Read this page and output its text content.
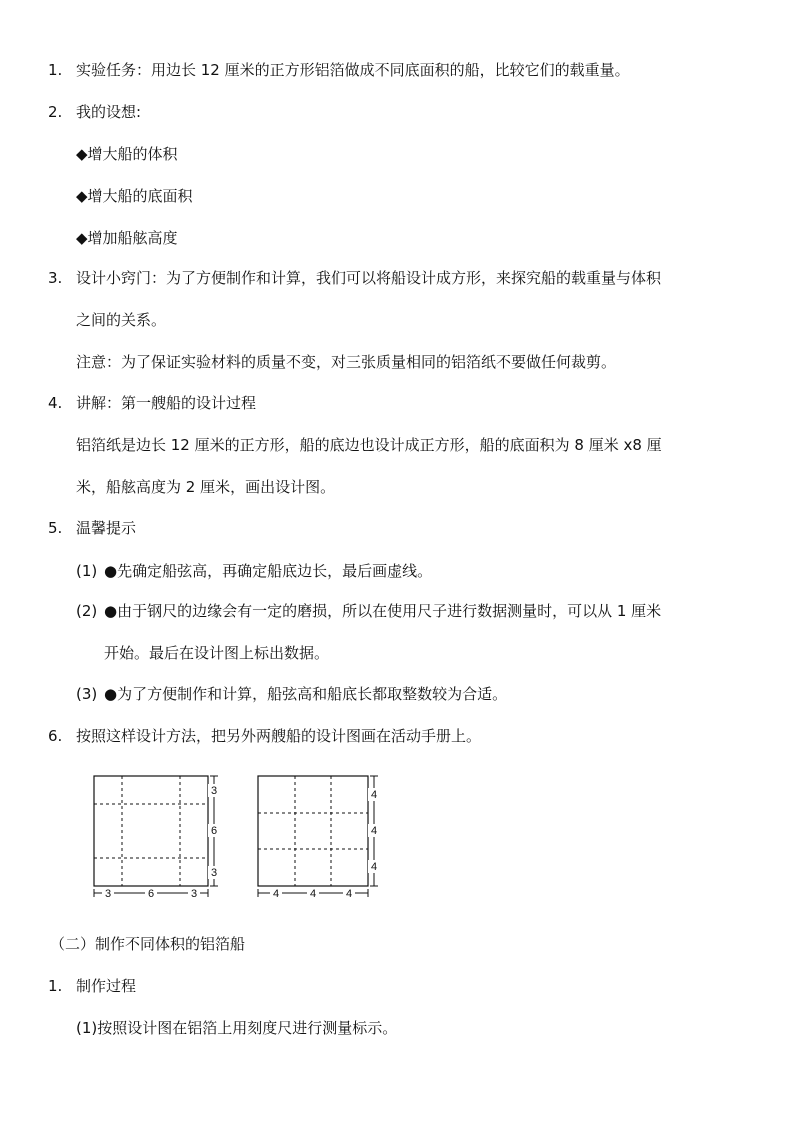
1. 实验任务：用边长 12 厘米的正方形铝箔做成不同底面积的船，比较它们的载重量。
2. 我的设想:
◆增大船的体积
◆增大船的底面积
◆增加船舷高度
3. 设计小窍门：为了方便制作和计算，我们可以将船设计成方形，来探究船的载重量与体积
之间的关系。
注意：为了保证实验材料的质量不变，对三张质量相同的铝箔纸不要做任何裁剪。
4. 讲解：第一艘船的设计过程
铝箔纸是边长 12 厘米的正方形，船的底边也设计成正方形，船的底面积为 8 厘米 x8 厘
米，船舷高度为 2 厘米，画出设计图。
5. 温馨提示
(1) ●先确定船弦高，再确定船底边长，最后画虚线。
(2) ●由于钢尺的边缘会有一定的磨损，所以在使用尺子进行数据测量时，可以从 1 厘米
开始。最后在设计图上标出数据。
(3) ●为了方便制作和计算，船弦高和船底长都取整数较为合适。
6. 按照这样设计方法，把另外两艘船的设计图画在活动手册上。
3
6
3
3	6	3
4
4
4
4	4	4
（二）制作不同体积的铝箔船
1. 制作过程
(1)按照设计图在铝箔上用刻度尺进行测量标示。
